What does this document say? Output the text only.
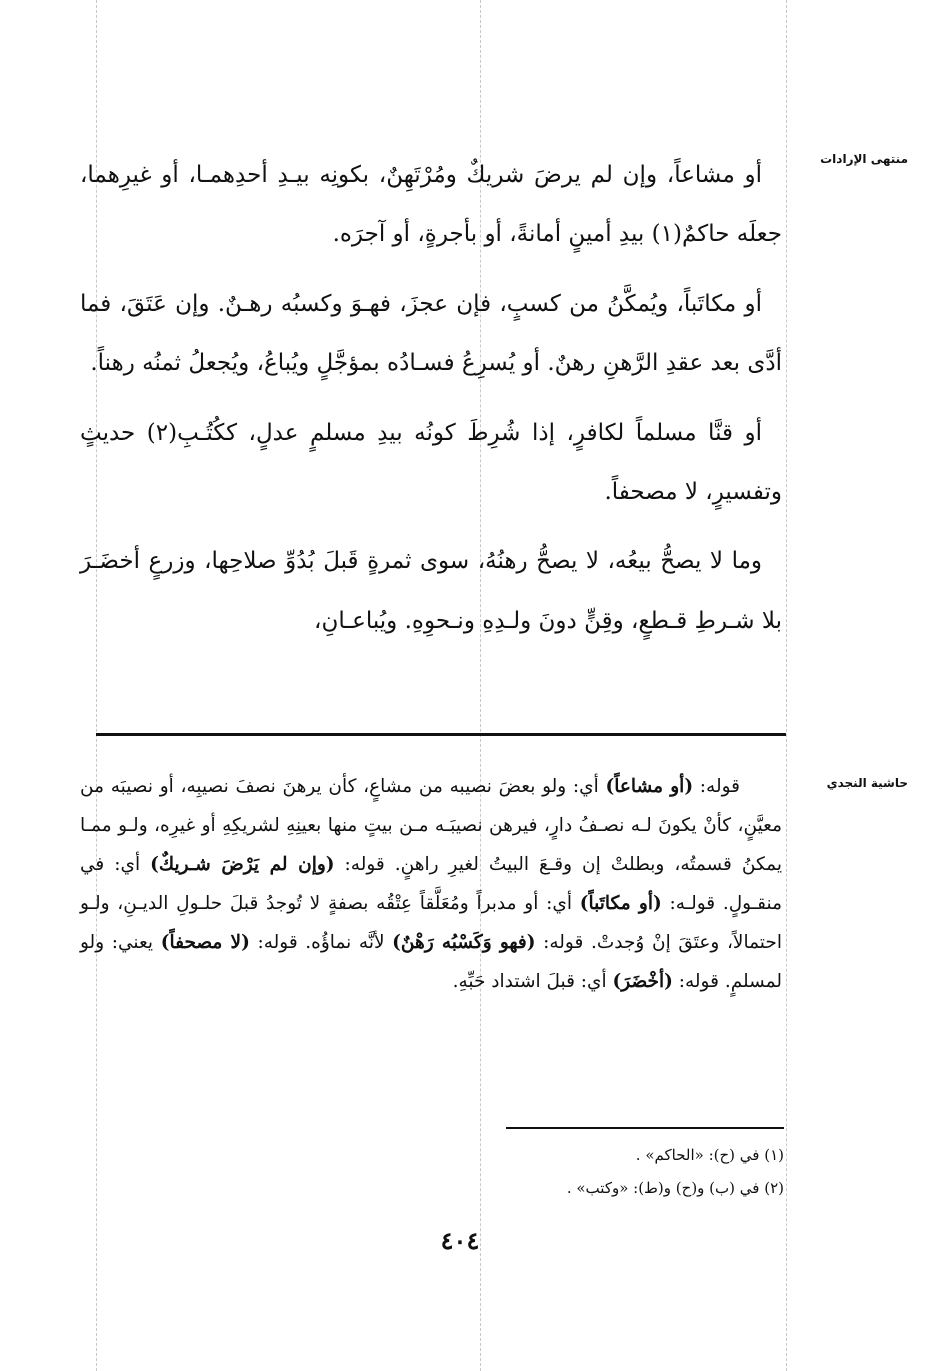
منتهى الإرادات

أو مشاعاً، وإن لم يرضَ شريكٌ ومُرْتَهِنٌ، بكونِه بيـدِ أحدِهمـا، أو غيرِهما، جعلَه حاكمٌ(١) بيدِ أمينٍ أمانةً، أو بأجرةٍ، أو آجرَه.

أو مكاتَباً، ويُمكَّنُ من كسبٍ، فإن عجزَ، فهـوَ وكسبُه رهـنٌ. وإن عَتَقَ، فما أدَّى بعد عقدِ الرَّهنِ رهنٌ. أو يُسرِعُ فسـادُه بمؤجَّلٍ ويُباعُ، ويُجعلُ ثمنُه رهناً.

أو قنَّا مسلماً لكافرٍ، إذا شُرِطَ كونُه بيدِ مسلمٍ عدلٍ، ككُتُـبِ(٢) حديثٍ وتفسيرٍ، لا مصحفاً.

وما لا يصحُّ بيعُه، لا يصحُّ رهنُهُ، سوى ثمرةٍ قَبلَ بُدُوِّ صلاحِها، وزرعٍ أخضَـرَ بلا شـرطِ قـطعٍ، وقِنٍّ دونَ ولـدِهِ ونـحوِهِ. ويُباعـانِ،

حاشية النجدي

قوله: (أو مشاعاً) أي: ولو بعضَ نصيبه من مشاعٍ، كأن يرهنَ نصفَ نصيبِه، أو نصيبَه من معيَّنٍ، كأنْ يكونَ لـه نصـفُ دارٍ، فيرهن نصيبَـه مـن بيتٍ منها بعينِهِ لشريكِهِ أو غيرِه، ولـو ممـا يمكنُ قسمتُه، وبطلتْ إن وقـعَ البيتُ لغيرِ راهنٍ. قوله: (وإن لم يَرْضَ شـريكٌ) أي: في منقـولٍ. قولـه: (أو مكاتَباً) أي: أو مدبراً ومُعَلَّقاً عِتْقُه بصفةٍ لا تُوجدُ قبلَ حلـولِ الديـنِ، ولـو احتمالاً، وعتَقَ إنْ وُجدتْ. قوله: (فهو وَكَسْبُه رَهْنٌ) لأنَّه نماؤُه. قوله: (لا مصحفاً) يعني: ولو لمسلمٍ. قوله: (أخْضَرَ) أي: قبلَ اشتداد حَبِّهِ.

(١) في (ح): «الحاكم» .
(٢) في (ب) و(ح) و(ط): «وكتب» .
٤٠٤
